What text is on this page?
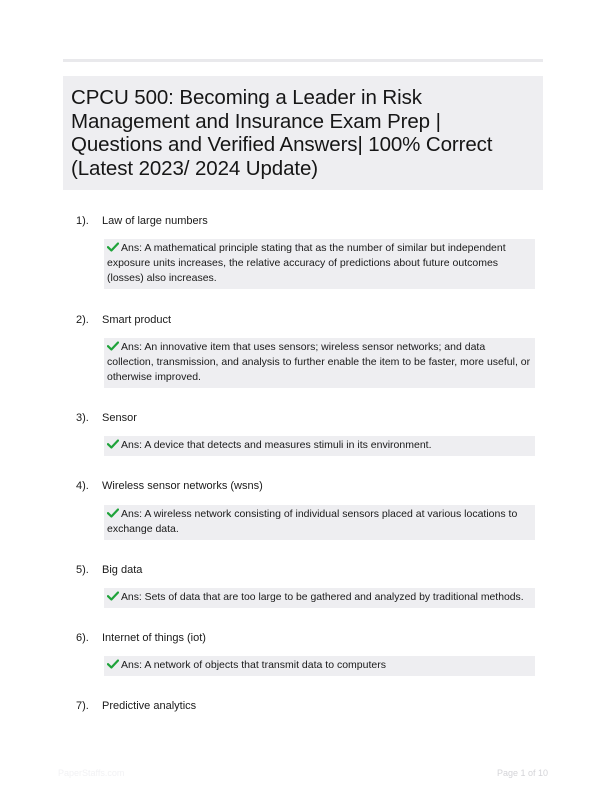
CPCU 500: Becoming a Leader in Risk Management and Insurance Exam Prep | Questions and Verified Answers| 100% Correct (Latest 2023/ 2024 Update)
1). Law of large numbers
Ans: A mathematical principle stating that as the number of similar but independent exposure units increases, the relative accuracy of predictions about future outcomes (losses) also increases.
2). Smart product
Ans: An innovative item that uses sensors; wireless sensor networks; and data collection, transmission, and analysis to further enable the item to be faster, more useful, or otherwise improved.
3). Sensor
Ans: A device that detects and measures stimuli in its environment.
4). Wireless sensor networks (wsns)
Ans: A wireless network consisting of individual sensors placed at various locations to exchange data.
5). Big data
Ans: Sets of data that are too large to be gathered and analyzed by traditional methods.
6). Internet of things (iot)
Ans: A network of objects that transmit data to computers
7). Predictive analytics
PaperStaffs.com	Page 1 of 10
